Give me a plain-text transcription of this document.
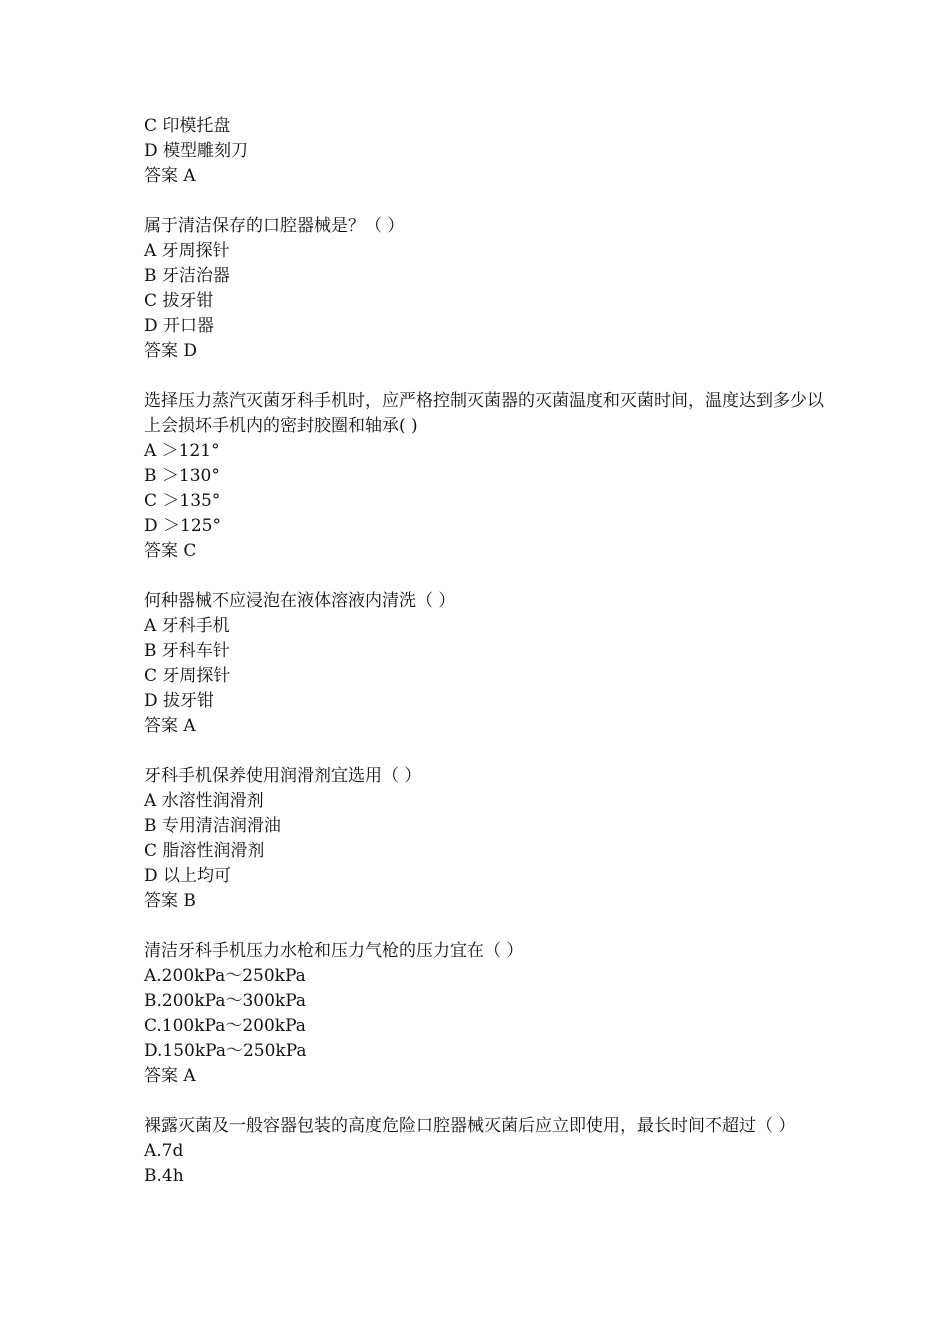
C 印模托盘
D 模型雕刻刀
答案 A
属于清洁保存的口腔器械是？（ ）
A 牙周探针
B 牙洁治器
C 拔牙钳
D 开口器
答案 D
选择压力蒸汽灭菌牙科手机时，应严格控制灭菌器的灭菌温度和灭菌时间，温度达到多少以上会损坏手机内的密封胶圈和轴承( )
A ＞121°
B ＞130°
C ＞135°
D ＞125°
答案 C
何种器械不应浸泡在液体溶液内清洗（ ）
A 牙科手机
B 牙科车针
C 牙周探针
D 拔牙钳
答案 A
牙科手机保养使用润滑剂宜选用（ ）
A 水溶性润滑剂
B 专用清洁润滑油
C 脂溶性润滑剂
D 以上均可
答案 B
清洁牙科手机压力水枪和压力气枪的压力宜在（ ）
A.200kPa～250kPa
B.200kPa～300kPa
C.100kPa～200kPa
D.150kPa～250kPa
答案 A
裸露灭菌及一般容器包装的高度危险口腔器械灭菌后应立即使用，最长时间不超过（ ）
A.7d
B.4h
